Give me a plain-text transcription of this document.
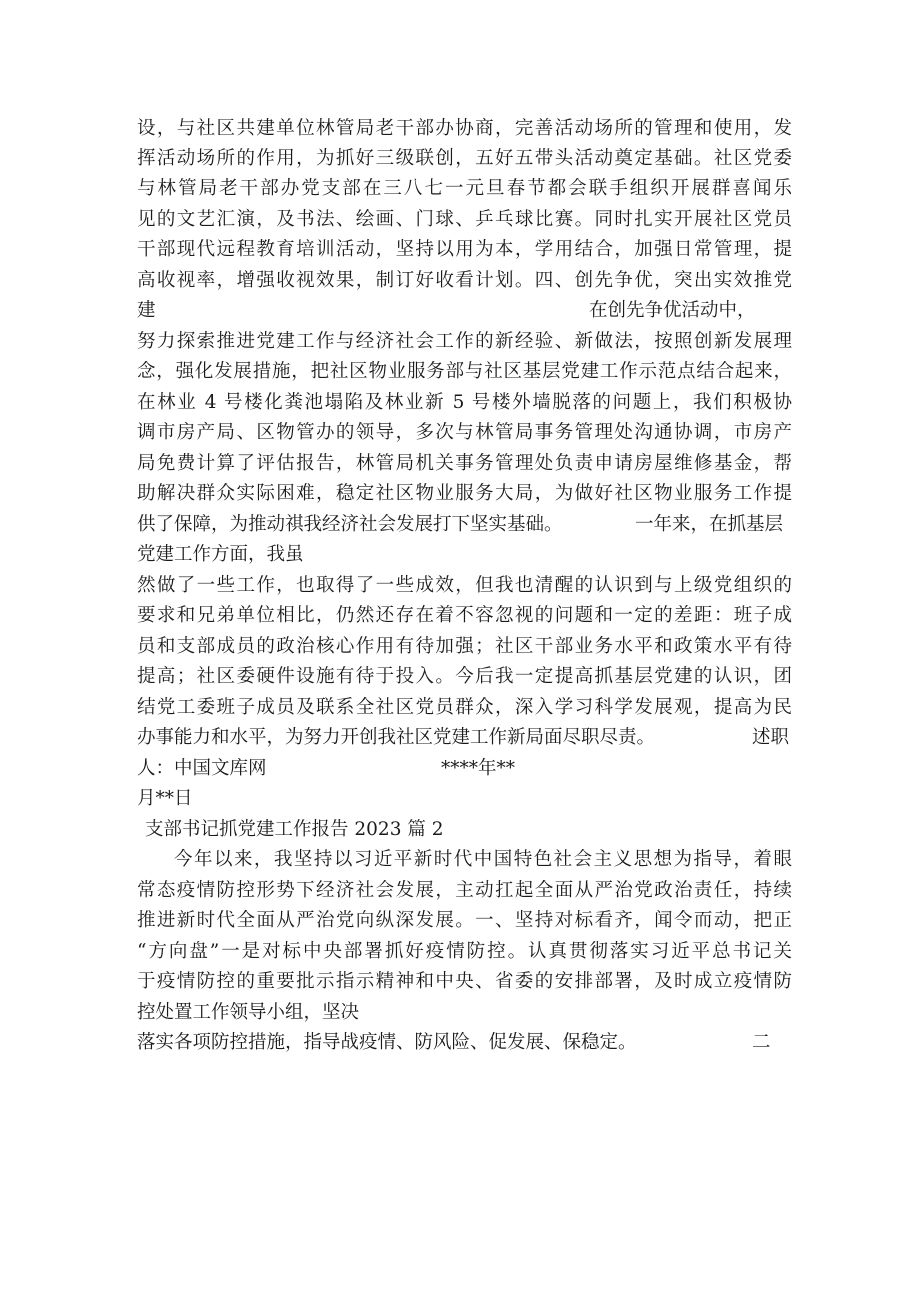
设，与社区共建单位林管局老干部办协商，完善活动场所的管理和使用，发
挥活动场所的作用，为抓好三级联创，五好五带头活动奠定基础。社区党委
与林管局老干部办党支部在三八七一元旦春节都会联手组织开展群喜闻乐
见的文艺汇演，及书法、绘画、门球、乒乓球比赛。同时扎实开展社区党员
干部现代远程教育培训活动，坚持以用为本，学用结合，加强日常管理，提
高收视率，增强收视效果，制订好收看计划。四、创先争优，突出实效推党
建	在创先争优活动中，
努力探索推进党建工作与经济社会工作的新经验、新做法，按照创新发展理
念，强化发展措施，把社区物业服务部与社区基层党建工作示范点结合起来，
在林业 4 号楼化粪池塌陷及林业新 5 号楼外墙脱落的问题上，我们积极协
调市房产局、区物管办的领导，多次与林管局事务管理处沟通协调，市房产
局免费计算了评估报告，林管局机关事务管理处负责申请房屋维修基金，帮
助解决群众实际困难，稳定社区物业服务大局，为做好社区物业服务工作提
供了保障，为推动祺我经济社会发展打下坚实基础。	一年来，在抓基层
党建工作方面，我虽
然做了一些工作，也取得了一些成效，但我也清醒的认识到与上级党组织的
要求和兄弟单位相比，仍然还存在着不容忽视的问题和一定的差距：班子成
员和支部成员的政治核心作用有待加强；社区干部业务水平和政策水平有待
提高；社区委硬件设施有待于投入。今后我一定提高抓基层党建的认识，团
结党工委班子成员及联系全社区党员群众，深入学习科学发展观，提高为民
办事能力和水平，为努力开创我社区党建工作新局面尽职尽责。	述职
人：中国文库网	****年**
月**日
支部书记抓党建工作报告 2023 篇 2
今年以来，我坚持以习近平新时代中国特色社会主义思想为指导，着眼
常态疫情防控形势下经济社会发展，主动扛起全面从严治党政治责任，持续
推进新时代全面从严治党向纵深发展。一、坚持对标看齐，闻令而动，把正
“方向盘”一是对标中央部署抓好疫情防控。认真贯彻落实习近平总书记关
于疫情防控的重要批示指示精神和中央、省委的安排部署，及时成立疫情防
控处置工作领导小组，坚决
落实各项防控措施，指导战疫情、防风险、促发展、保稳定。	二
